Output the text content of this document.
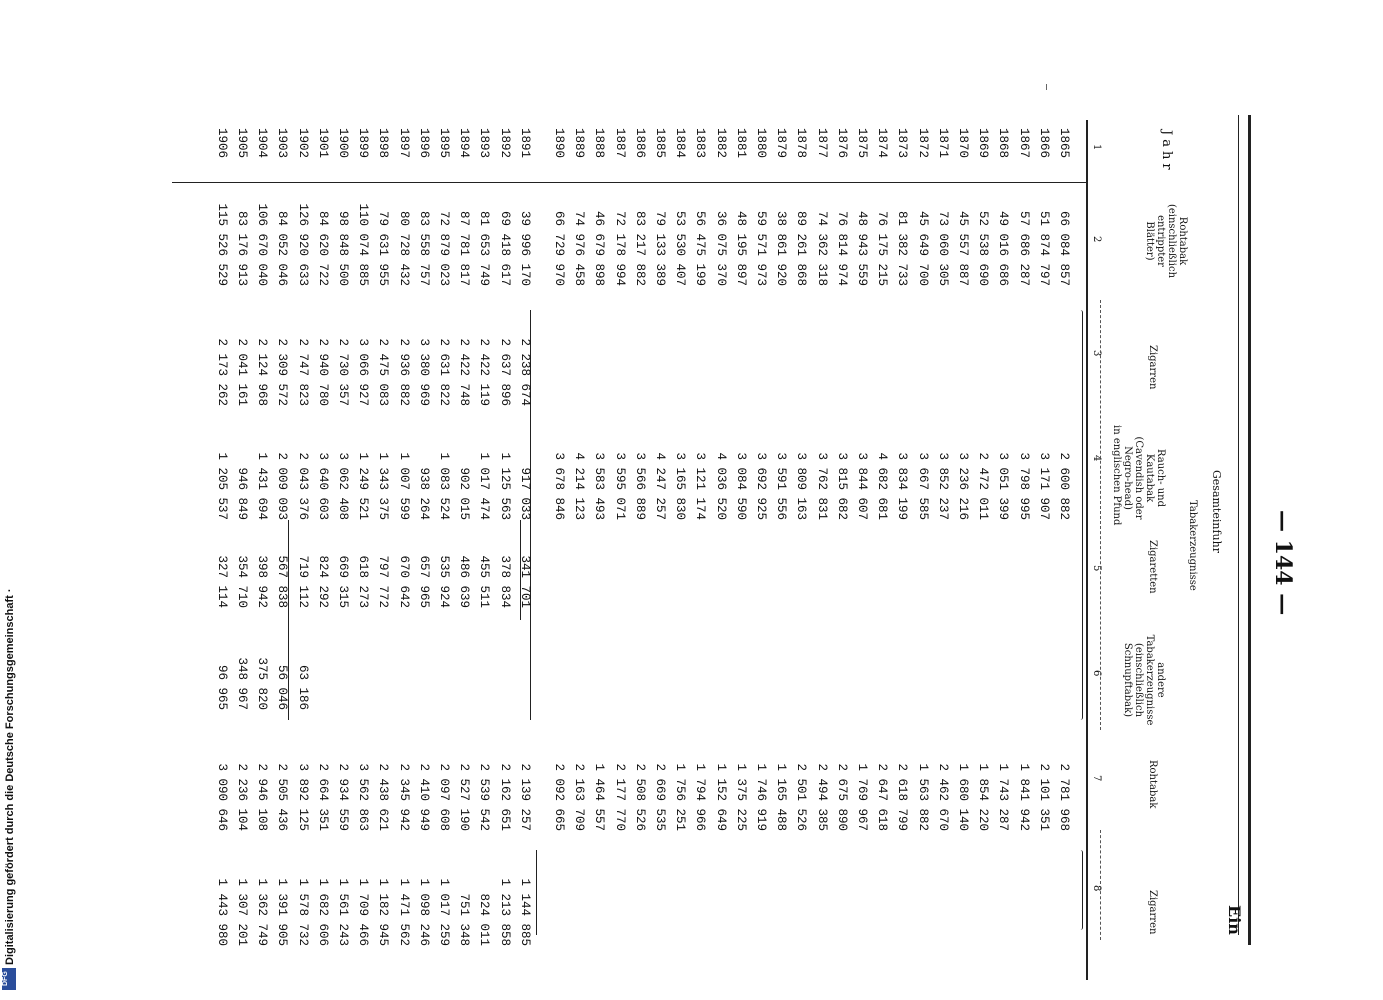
— 144 —
Ein
Digitalisierung gefördert durch die Deutsche Forschungsgemeinschaft ·
DFG
Jahr
1
Gesamteinfuhr
Tabakerzeugnisse
in englischen Pfund
Rohtabak (einschließlich entrippter Blätter)
Zigarren
Rauch- und Kautabak (Cavendish oder Negro-head)
Zigaretten
andere Tabakerzeugnisse (einschließlich Schnupftabak)
Rohtabak
Zigarren
2
3
4
5
6
7
8
1865
66 084 857
2 600 882
2 781 968
1866
51 874 797
3 171 907
2 101 351
1867
57 686 287
3 798 995
1 841 942
1868
49 016 686
3 051 399
1 743 287
1869
52 538 690
2 472 011
1 854 220
1870
45 557 887
3 236 216
1 680 140
1871
73 060 305
3 852 237
2 462 670
1872
45 649 700
3 667 585
1 563 882
1873
81 382 733
3 834 199
2 618 799
1874
76 175 215
4 682 681
2 647 618
1875
48 943 559
3 844 607
1 769 967
1876
76 814 974
3 815 682
2 675 890
1877
74 362 318
3 762 831
2 494 385
1878
89 261 868
3 809 163
2 501 526
1879
38 861 920
3 591 556
1 165 488
1880
59 571 973
3 692 925
1 746 919
1881
48 195 897
3 084 590
1 375 225
1882
36 075 370
4 036 520
1 152 649
1883
56 475 199
3 121 174
1 794 966
1884
53 530 407
3 165 830
1 756 251
1885
79 133 389
4 247 257
2 669 535
1886
83 217 882
3 566 889
2 508 526
1887
72 178 994
3 595 071
2 177 770
1888
46 679 898
3 583 493
1 464 557
1889
74 976 458
4 214 123
2 163 709
1890
66 729 970
3 678 846
2 092 665
1891
39 996 170
2 238 674
917 033
341 701
2 139 257
1 144 885
1892
69 418 617
2 637 896
1 125 563
378 834
2 162 651
1 213 858
1893
81 653 749
2 422 119
1 017 474
455 511
2 539 542
824 011
1894
87 781 817
2 422 748
902 015
486 639
2 527 190
751 348
1895
72 879 023
2 631 822
1 083 524
535 924
2 097 608
1 017 259
1896
83 558 757
3 380 969
938 264
657 965
2 410 949
1 098 246
1897
80 728 432
2 936 882
1 007 599
670 642
2 345 942
1 471 562
1898
79 631 955
2 475 083
1 343 375
797 772
2 438 621
1 182 945
1899
110 074 885
3 066 927
1 249 521
618 273
3 562 863
1 709 466
1900
98 848 500
2 730 357
3 062 408
669 315
2 934 559
1 561 243
1901
84 620 722
2 940 780
3 640 603
824 292
2 664 351
1 682 606
1902
126 920 633
2 747 823
2 043 376
719 112
63 186
3 892 125
1 578 732
1903
84 052 046
2 309 572
2 009 093
567 838
56 046
2 505 436
1 391 905
1904
106 670 040
2 124 968
1 431 694
398 942
375 820
2 946 108
1 362 749
1905
83 176 913
2 041 161
946 849
354 710
348 967
2 236 104
1 307 201
1906
115 526 529
2 173 262
1 205 537
327 114
96 965
3 090 646
1 443 980
